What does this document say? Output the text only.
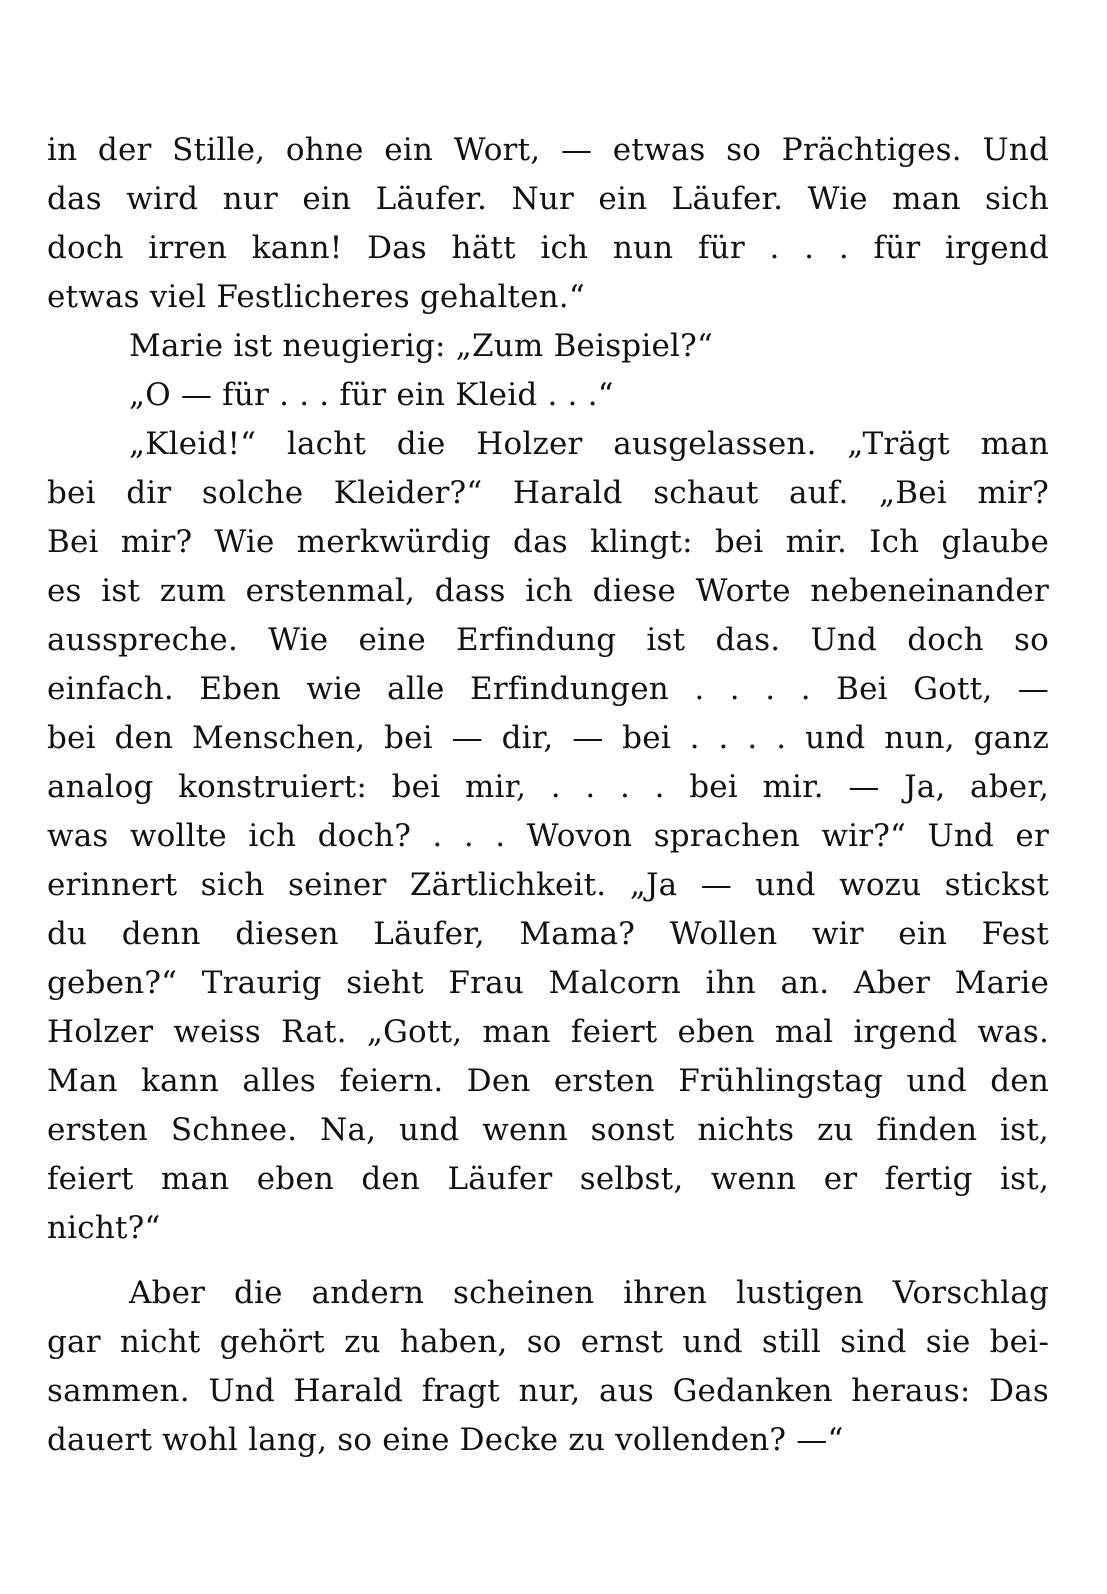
in der Stille, ohne ein Wort, — etwas so Prächtiges. Und
das wird nur ein Läufer. Nur ein Läufer. Wie man sich
doch irren kann! Das hätt ich nun für . . . für irgend
etwas viel Festlicheres gehalten.“
Marie ist neugierig: „Zum Beispiel?“
„O — für . . . für ein Kleid . . .“
„Kleid!“ lacht die Holzer ausgelassen. „Trägt man
bei dir solche Kleider?“ Harald schaut auf. „Bei mir?
Bei mir? Wie merkwürdig das klingt: bei mir. Ich glaube
es ist zum erstenmal, dass ich diese Worte nebeneinander
ausspreche. Wie eine Erfindung ist das. Und doch so
einfach. Eben wie alle Erfindungen . . . . Bei Gott, —
bei den Menschen, bei — dir, — bei . . . . und nun, ganz
analog konstruiert: bei mir, . . . . bei mir. — Ja, aber,
was wollte ich doch? . . . Wovon sprachen wir?“ Und er
erinnert sich seiner Zärtlichkeit. „Ja — und wozu stickst
du denn diesen Läufer, Mama? Wollen wir ein Fest
geben?“ Traurig sieht Frau Malcorn ihn an. Aber Marie
Holzer weiss Rat. „Gott, man feiert eben mal irgend was.
Man kann alles feiern. Den ersten Frühlingstag und den
ersten Schnee. Na, und wenn sonst nichts zu finden ist,
feiert man eben den Läufer selbst, wenn er fertig ist,
nicht?“
Aber die andern scheinen ihren lustigen Vorschlag
gar nicht gehört zu haben, so ernst und still sind sie bei-
sammen. Und Harald fragt nur, aus Gedanken heraus: Das
dauert wohl lang, so eine Decke zu vollenden? —“
